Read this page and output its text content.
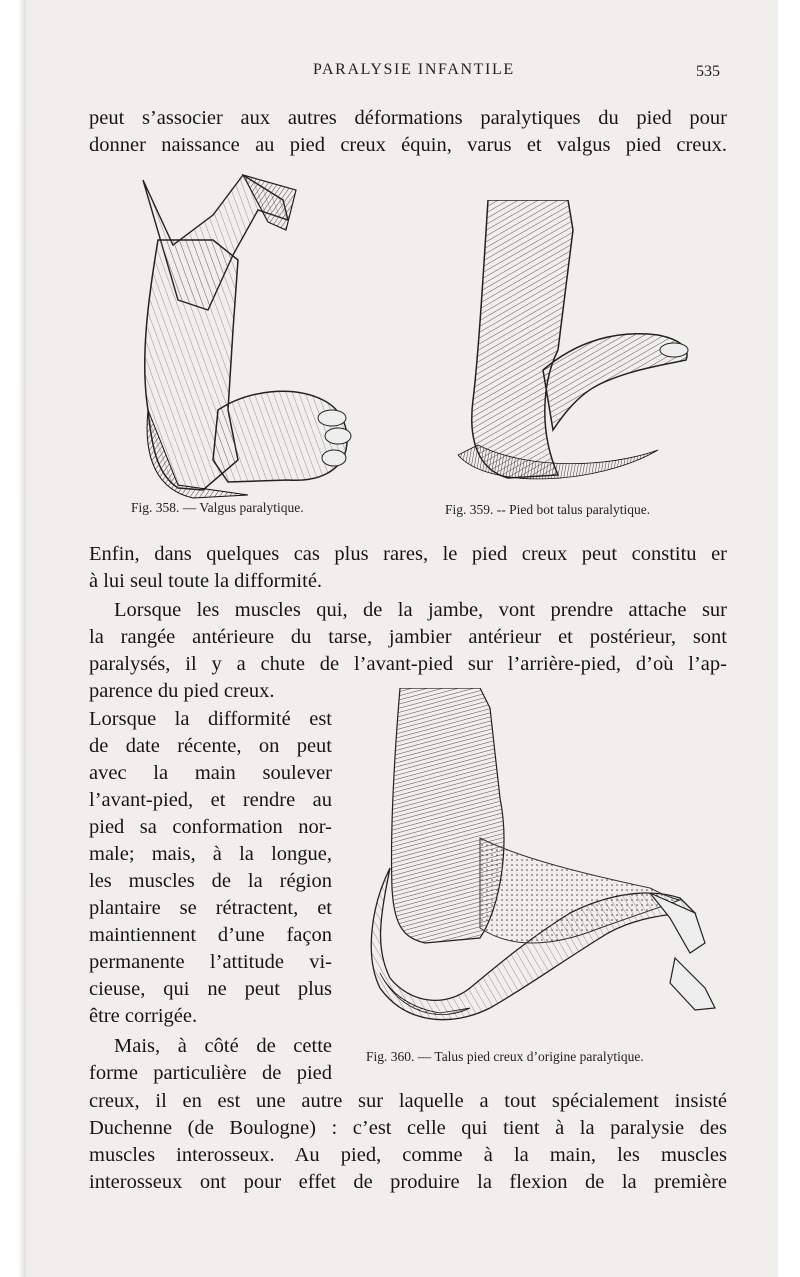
PARALYSIE INFANTILE	535
peut s’associer aux autres déformations paralytiques du pied pour
donner naissance au pied creux équin, varus et valgus pied creux.
Fig. 358. — Valgus paralytique.	Fig. 359. -- Pied bot talus paralytique.
Enfin, dans quelques cas plus rares, le pied creux peut constitu er
à lui seul toute la difformité.
Lorsque les muscles qui, de la jambe, vont prendre attache sur
la rangée antérieure du tarse, jambier antérieur et postérieur, sont
paralysés, il y a chute de l’avant-pied sur l’arrière-pied, d’où l’ap-
parence du pied creux.
Lorsque la difformité est
de date récente, on peut
avec la main soulever
l’avant-pied, et rendre au
pied sa conformation nor-
male; mais, à la longue,
les muscles de la région
plantaire se rétractent, et
maintiennent d’une façon
permanente l’attitude vi-
cieuse, qui ne peut plus
être corrigée.
Fig. 360. — Talus pied creux d’origine paralytique.
Mais, à côté de cette
forme particulière de pied
creux, il en est une autre sur laquelle a tout spécialement insisté
Duchenne (de Boulogne) : c’est celle qui tient à la paralysie des
muscles interosseux. Au pied, comme à la main, les muscles
interosseux ont pour effet de produire la flexion de la première
